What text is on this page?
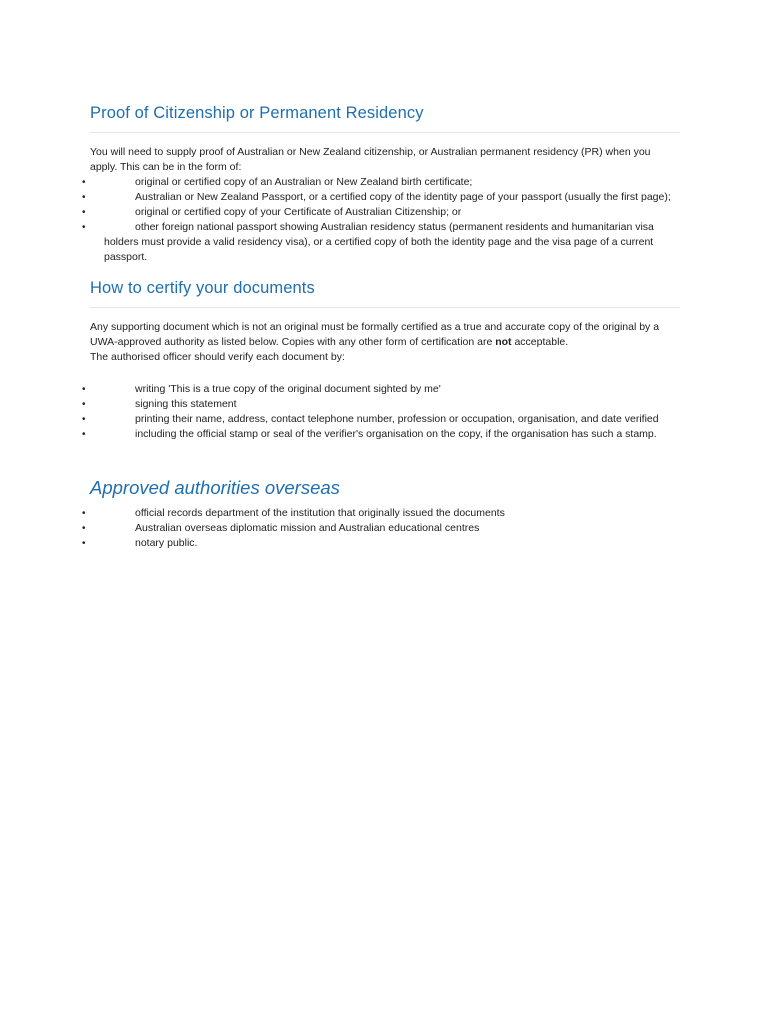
Proof of Citizenship or Permanent Residency

You will need to supply proof of Australian or New Zealand citizenship, or Australian permanent residency (PR) when you apply. This can be in the form of:

•	original or certified copy of an Australian or New Zealand birth certificate;
•	Australian or New Zealand Passport, or a certified copy of the identity page of your passport (usually the first page);
•	original or certified copy of your Certificate of Australian Citizenship; or
•	other foreign national passport showing Australian residency status (permanent residents and humanitarian visa holders must provide a valid residency visa), or a certified copy of both the identity page and the visa page of a current passport.
How to certify your documents

Any supporting document which is not an original must be formally certified as a true and accurate copy of the original by a UWA-approved authority as listed below. Copies with any other form of certification are not acceptable.
The authorised officer should verify each document by:

•	writing 'This is a true copy of the original document sighted by me'
•	signing this statement
•	printing their name, address, contact telephone number, profession or occupation, organisation, and date verified
•	including the official stamp or seal of the verifier's organisation on the copy, if the organisation has such a stamp.
Approved authorities overseas
•	official records department of the institution that originally issued the documents
•	Australian overseas diplomatic mission and Australian educational centres
•	notary public.
